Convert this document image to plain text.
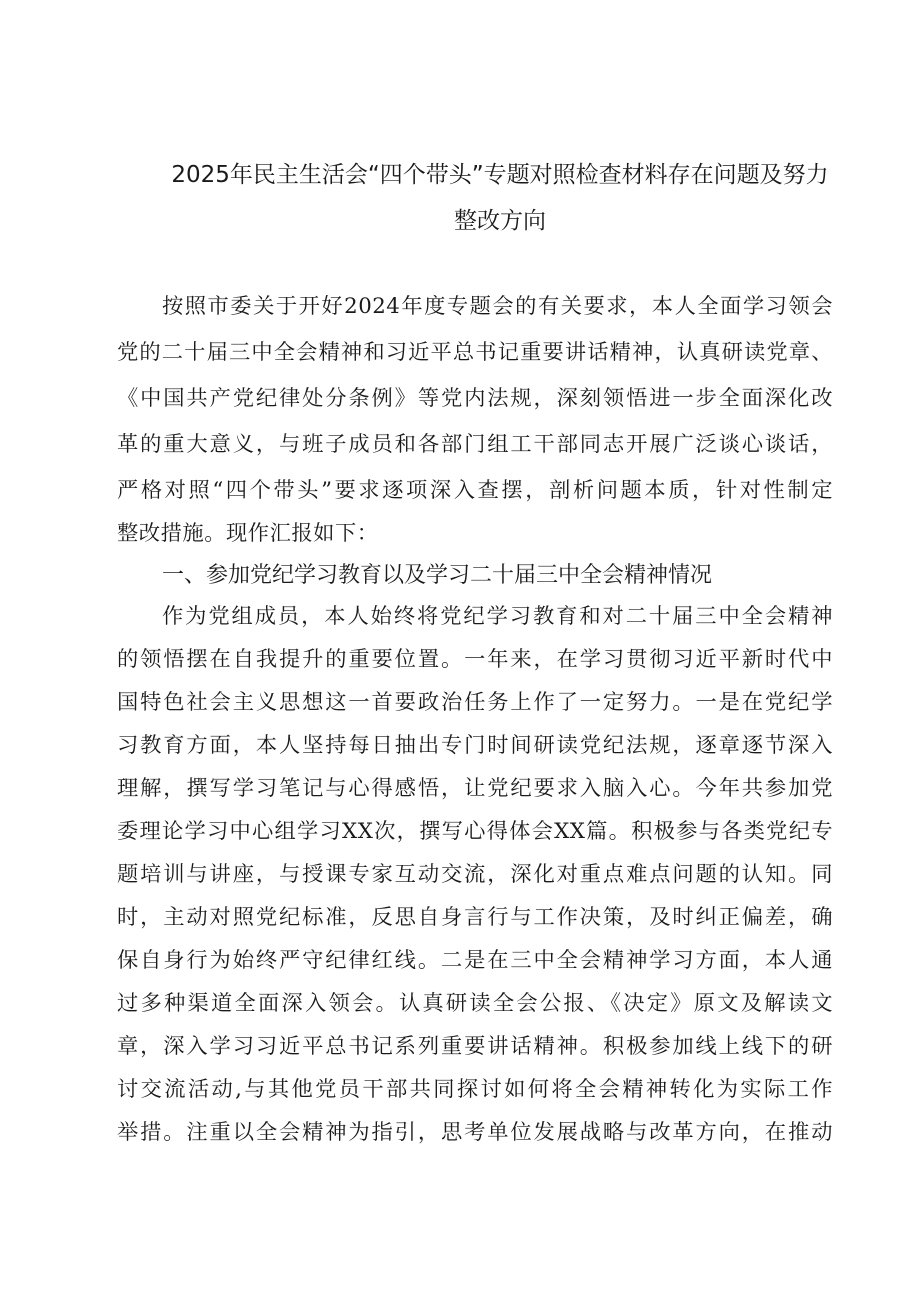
2025年民主生活会“四个带头”专题对照检查材料存在问题及努力
整改方向
按照市委关于开好2024年度专题会的有关要求，本人全面学习领会
党的二十届三中全会精神和习近平总书记重要讲话精神，认真研读党章、
《中国共产党纪律处分条例》等党内法规，深刻领悟进一步全面深化改
革的重大意义，与班子成员和各部门组工干部同志开展广泛谈心谈话，
严格对照“四个带头”要求逐项深入查摆，剖析问题本质，针对性制定
整改措施。现作汇报如下：
一、参加党纪学习教育以及学习二十届三中全会精神情况
作为党组成员，本人始终将党纪学习教育和对二十届三中全会精神
的领悟摆在自我提升的重要位置。一年来，在学习贯彻习近平新时代中
国特色社会主义思想这一首要政治任务上作了一定努力。一是在党纪学
习教育方面，本人坚持每日抽出专门时间研读党纪法规，逐章逐节深入
理解，撰写学习笔记与心得感悟，让党纪要求入脑入心。今年共参加党
委理论学习中心组学习XX次，撰写心得体会XX篇。积极参与各类党纪专
题培训与讲座，与授课专家互动交流，深化对重点难点问题的认知。同
时，主动对照党纪标准，反思自身言行与工作决策，及时纠正偏差，确
保自身行为始终严守纪律红线。二是在三中全会精神学习方面，本人通
过多种渠道全面深入领会。认真研读全会公报、《决定》原文及解读文
章，深入学习习近平总书记系列重要讲话精神。积极参加线上线下的研
讨交流活动,与其他党员干部共同探讨如何将全会精神转化为实际工作
举措。注重以全会精神为指引，思考单位发展战略与改革方向，在推动
